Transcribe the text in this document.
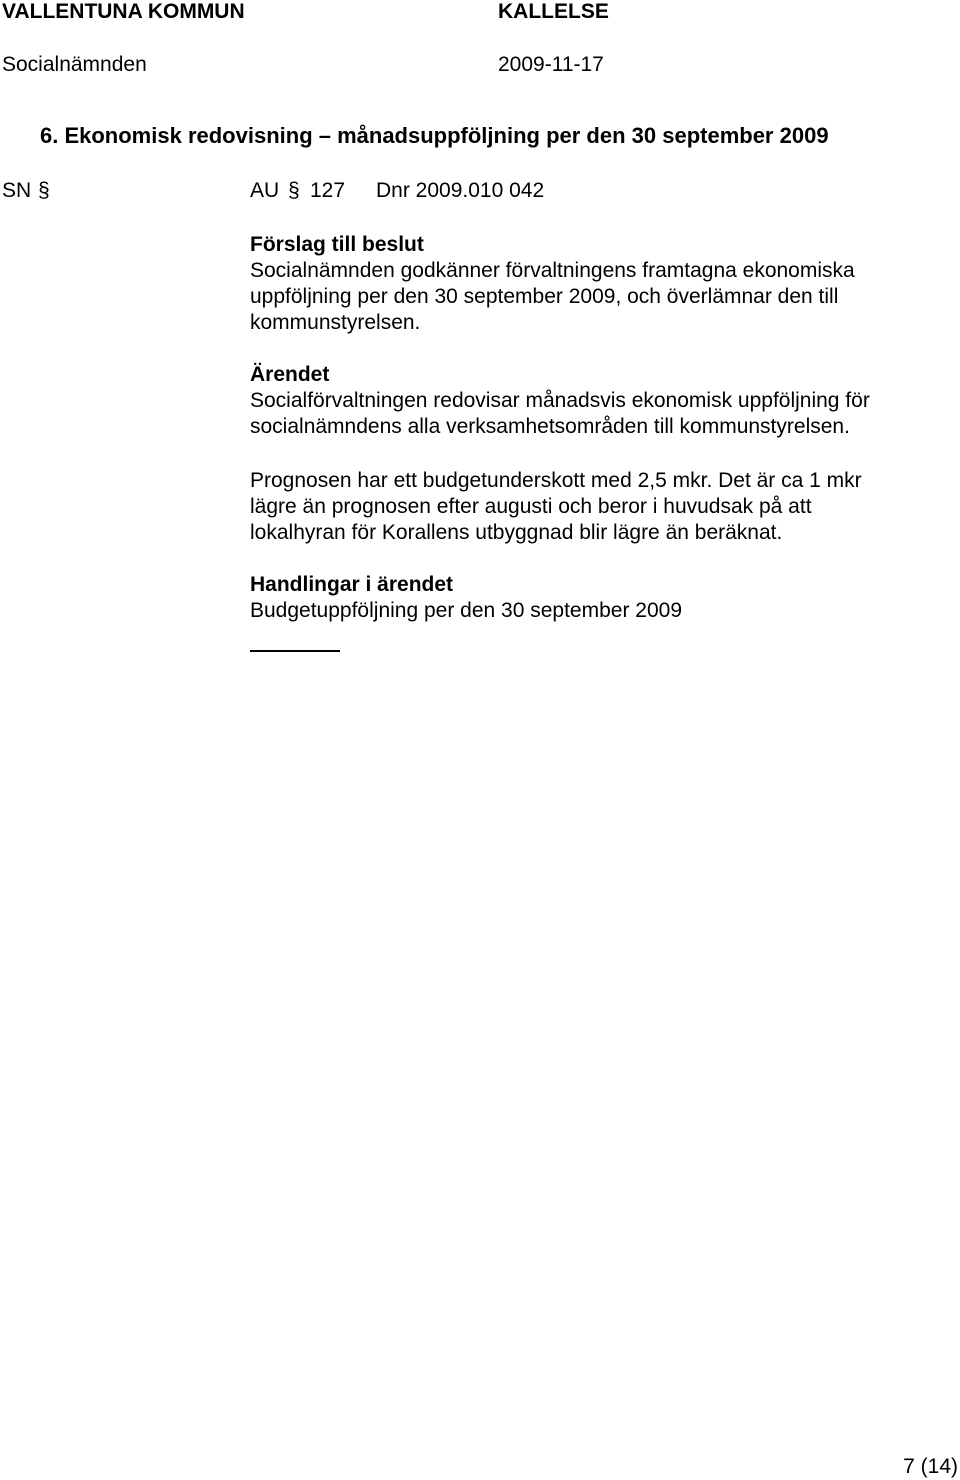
VALLENTUNA KOMMUN	KALLELSE
Socialnämnden	2009-11-17
6. Ekonomisk redovisning – månadsuppföljning per den 30 september 2009
SN §	AU § 127 Dnr 2009.010 042

Förslag till beslut

Socialnämnden godkänner förvaltningens framtagna ekonomiska

uppföljning per den 30 september 2009, och överlämnar den till

kommunstyrelsen.

Ärendet

Socialförvaltningen redovisar månadsvis ekonomisk uppföljning för

socialnämndens alla verksamhetsområden till kommunstyrelsen.

Prognosen har ett budgetunderskott med 2,5 mkr. Det är ca 1 mkr

lägre än prognosen efter augusti och beror i huvudsak på att

lokalhyran för Korallens utbyggnad blir lägre än beräknat.

Handlingar i ärendet

Budgetuppföljning per den 30 september 2009

7 (14)
